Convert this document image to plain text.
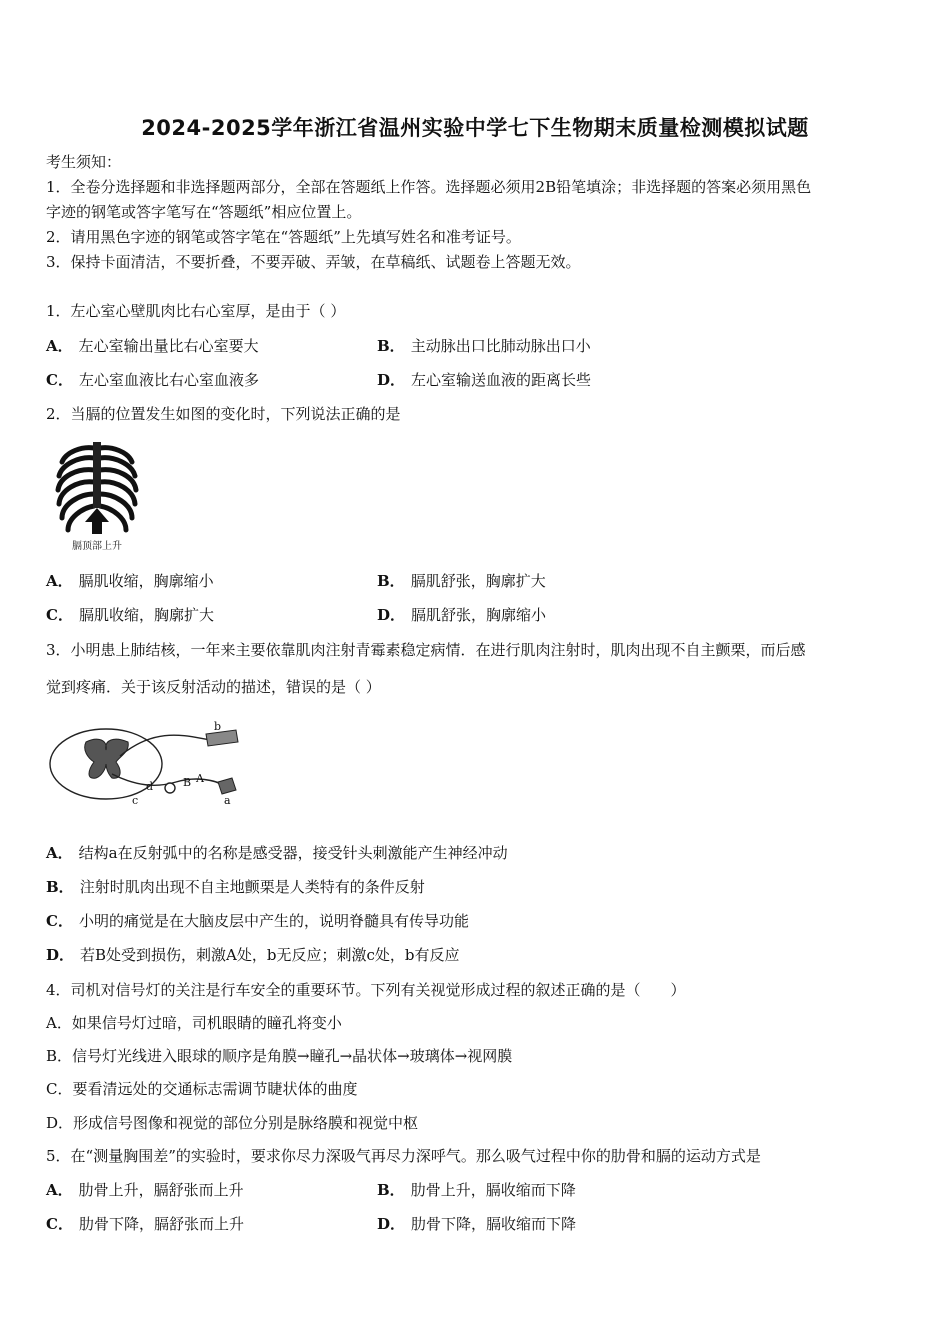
2024-2025学年浙江省温州实验中学七下生物期末质量检测模拟试题
考生须知：
1．全卷分选择题和非选择题两部分，全部在答题纸上作答。选择题必须用2B铅笔填涂；非选择题的答案必须用黑色
字迹的钢笔或答字笔写在“答题纸”相应位置上。
2．请用黑色字迹的钢笔或答字笔在“答题纸”上先填写姓名和准考证号。
3．保持卡面清洁，不要折叠，不要弄破、弄皱，在草稿纸、试题卷上答题无效。
1．左心室心壁肌肉比右心室厚，是由于（ ）
A． 左心室输出量比右心室要大	B． 主动脉出口比肺动脉出口小
C． 左心室血液比右心室血液多	D． 左心室输送血液的距离长些
2．当膈的位置发生如图的变化时，下列说法正确的是
膈顶部上升
A． 膈肌收缩，胸廓缩小	B． 膈肌舒张，胸廓扩大
C． 膈肌收缩，胸廓扩大	D． 膈肌舒张，胸廓缩小
3．小明患上肺结核，一年来主要依靠肌肉注射青霉素稳定病情．在进行肌肉注射时，肌肉出现不自主颤栗，而后感
觉到疼痛．关于该反射活动的描述，错误的是（ ）
b
d
c
B A
a
A． 结构a在反射弧中的名称是感受器，接受针头刺激能产生神经冲动
B． 注射时肌肉出现不自主地颤栗是人类特有的条件反射
C． 小明的痛觉是在大脑皮层中产生的，说明脊髓具有传导功能
D． 若B处受到损伤，刺激A处，b无反应；刺激c处，b有反应
4．司机对信号灯的关注是行车安全的重要环节。下列有关视觉形成过程的叙述正确的是（　　）
A．如果信号灯过暗，司机眼睛的瞳孔将变小
B．信号灯光线进入眼球的顺序是角膜→瞳孔→晶状体→玻璃体→视网膜
C．要看清远处的交通标志需调节睫状体的曲度
D．形成信号图像和视觉的部位分别是脉络膜和视觉中枢
5．在“测量胸围差”的实验时，要求你尽力深吸气再尽力深呼气。那么吸气过程中你的肋骨和膈的运动方式是
A． 肋骨上升，膈舒张而上升	B． 肋骨上升，膈收缩而下降
C． 肋骨下降，膈舒张而上升	D． 肋骨下降，膈收缩而下降
